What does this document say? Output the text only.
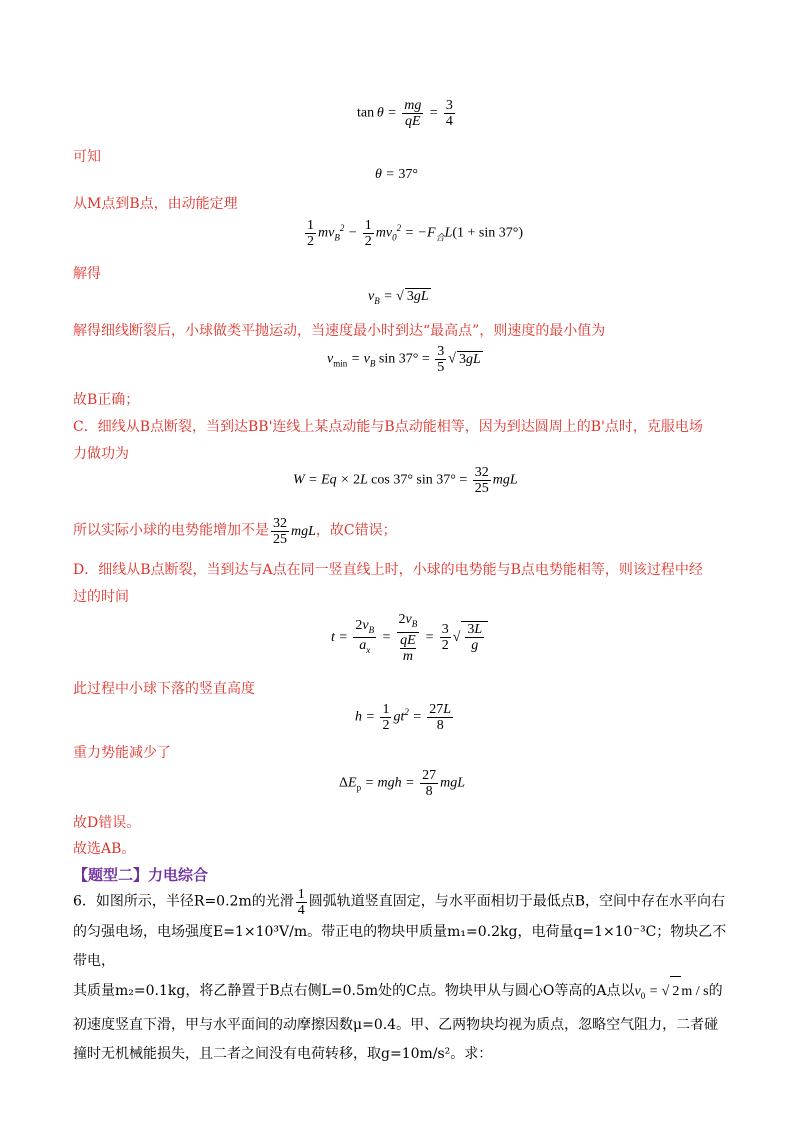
$\tan \theta = \frac{mg}{qE} = \frac{3}{4}$
可知
θ = 37°
从M点到B点，由动能定理
$\frac{1}{2} mv_B^2 - \frac{1}{2} mv_0^2 = -F_合L(1 + \sin 37^\circ)$
解得
$v_B$ = √ 3gL
解得细线断裂后，小球做类平抛运动，当速度最小时到达“最高点”，则速度的最小值为
$v_{min} = v_B$ $\sin 37^\circ = \frac{3}{5}$ √ 3gL
故B正确；
C．细线从B点断裂，当到达BB'连线上某点动能与B点动能相等，因为到达圆周上的B'点时，克服电场
力做功为
W = Eq × 2L cos 37° $\sin 37^\circ = \frac{32}{25}$ mgL
所以实际小球的电势能增加不是 $\frac{32}{25}$ mgL，故C错误；
D．细线从B点断裂，当到达与A点在同一竖直线上时，小球的电势能与B点电势能相等，则该过程中经
过的时间
$t = \frac{2v_B}{a_x}$ =
$2v_B$
qE
m
= $\frac{3}{2}$ √ $\frac{3L}{g}$
此过程中小球下落的竖直高度
$h = \frac{1}{2} gt^2 = \frac{27L}{8}$
重力势能减少了
$\Delta E_p$ = mgh = $\frac{27}{8}$ mgL
故D错误。
故选AB。
【题型二】力电综合
6．如图所示，半径R=0.2m的光滑 $\frac{1}{4}$ 圆弧轨道竖直固定，与水平面相切于最低点B，空间中存在水平向右
的匀强电场，电场强度E=1×10³V/m。带正电的物块甲质量m₁=0.2kg，电荷量q=1×10⁻³C；物块乙不带电，
其质量m₂=0.1kg，将乙静置于B点右侧L=0.5m处的C点。物块甲从与圆心O等高的A点以$v_0$ = √ 2 m / s的
初速度竖直下滑，甲与水平面间的动摩擦因数μ=0.4。甲、乙两物块均视为质点，忽略空气阻力，二者碰
撞时无机械能损失，且二者之间没有电荷转移，取g=10m/s²。求：
